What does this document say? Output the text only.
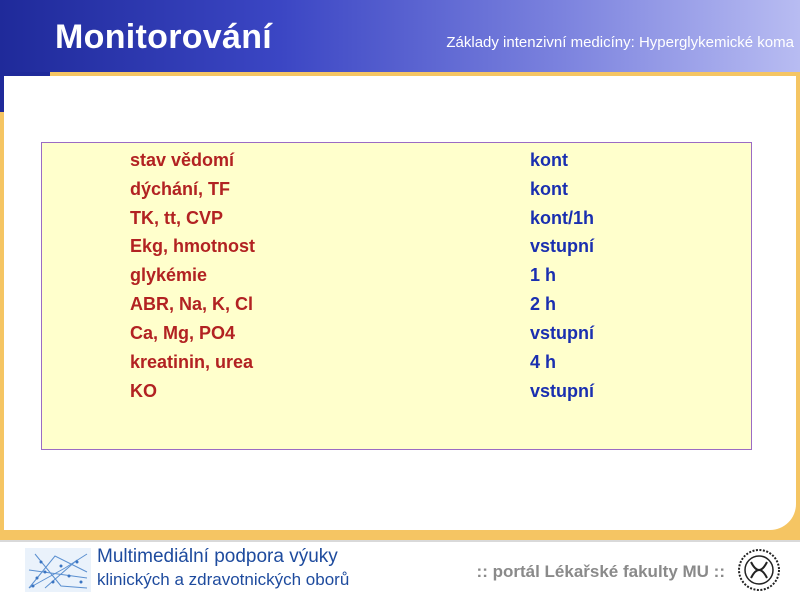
Monitorování	Základy intenzivní medicíny: Hyperglykemické koma
stav vědomí	kont
dýchání, TF	kont
TK, tt, CVP	kont/1h
Ekg, hmotnost	vstupní
glykémie	1 h
ABR, Na, K, Cl	2 h
Ca, Mg, PO4	vstupní
kreatinin, urea	4 h
KO	vstupní
Multimediální podpora výuky
klinických a zdravotnických oborů	:: portál Lékařské fakulty MU ::
